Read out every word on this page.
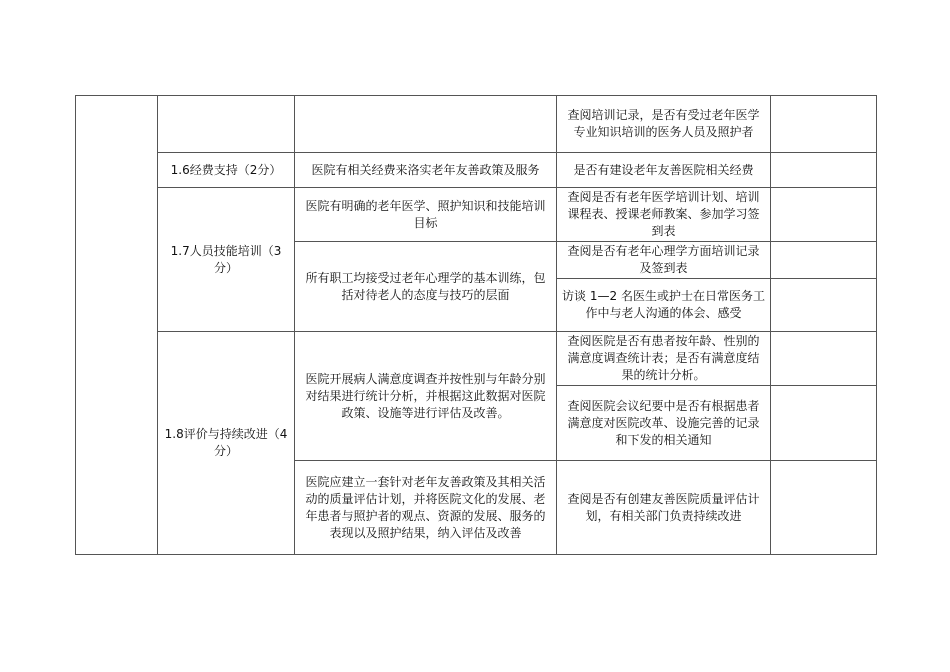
			查阅培训记录，是否有受过老年医学专业知识培训的医务人员及照护者	
	1.6经费支持（2分）	医院有相关经费来洛实老年友善政策及服务	是否有建设老年友善医院相关经费	
	1.7人员技能培训（3分）	医院有明确的老年医学、照护知识和技能培训目标	查阅是否有老年医学培训计划、培训课程表、授课老师教案、参加学习签到表	
		所有职工均接受过老年心理学的基本训练，包括对待老人的态度与技巧的层面	查阅是否有老年心理学方面培训记录及签到表	
			访谈 1—2 名医生或护士在日常医务工作中与老人沟通的体会、感受	
	1.8评价与持续改进（4分）	医院开展病人满意度调查并按性别与年龄分别对结果进行统计分析，并根据这此数据对医院政策、设施等进行评估及改善。	查阅医院是否有患者按年龄、性别的满意度调查统计表；是否有满意度结果的统计分析。	
			查阅医院会议纪要中是否有根据患者满意度对医院改革、设施完善的记录和下发的相关通知	
		医院应建立一套针对老年友善政策及其相关活动的质量评估计划，并将医院文化的发展、老年患者与照护者的观点、资源的发展、服务的表现以及照护结果，纳入评估及改善	查阅是否有创建友善医院质量评估计划，有相关部门负责持续改进	
